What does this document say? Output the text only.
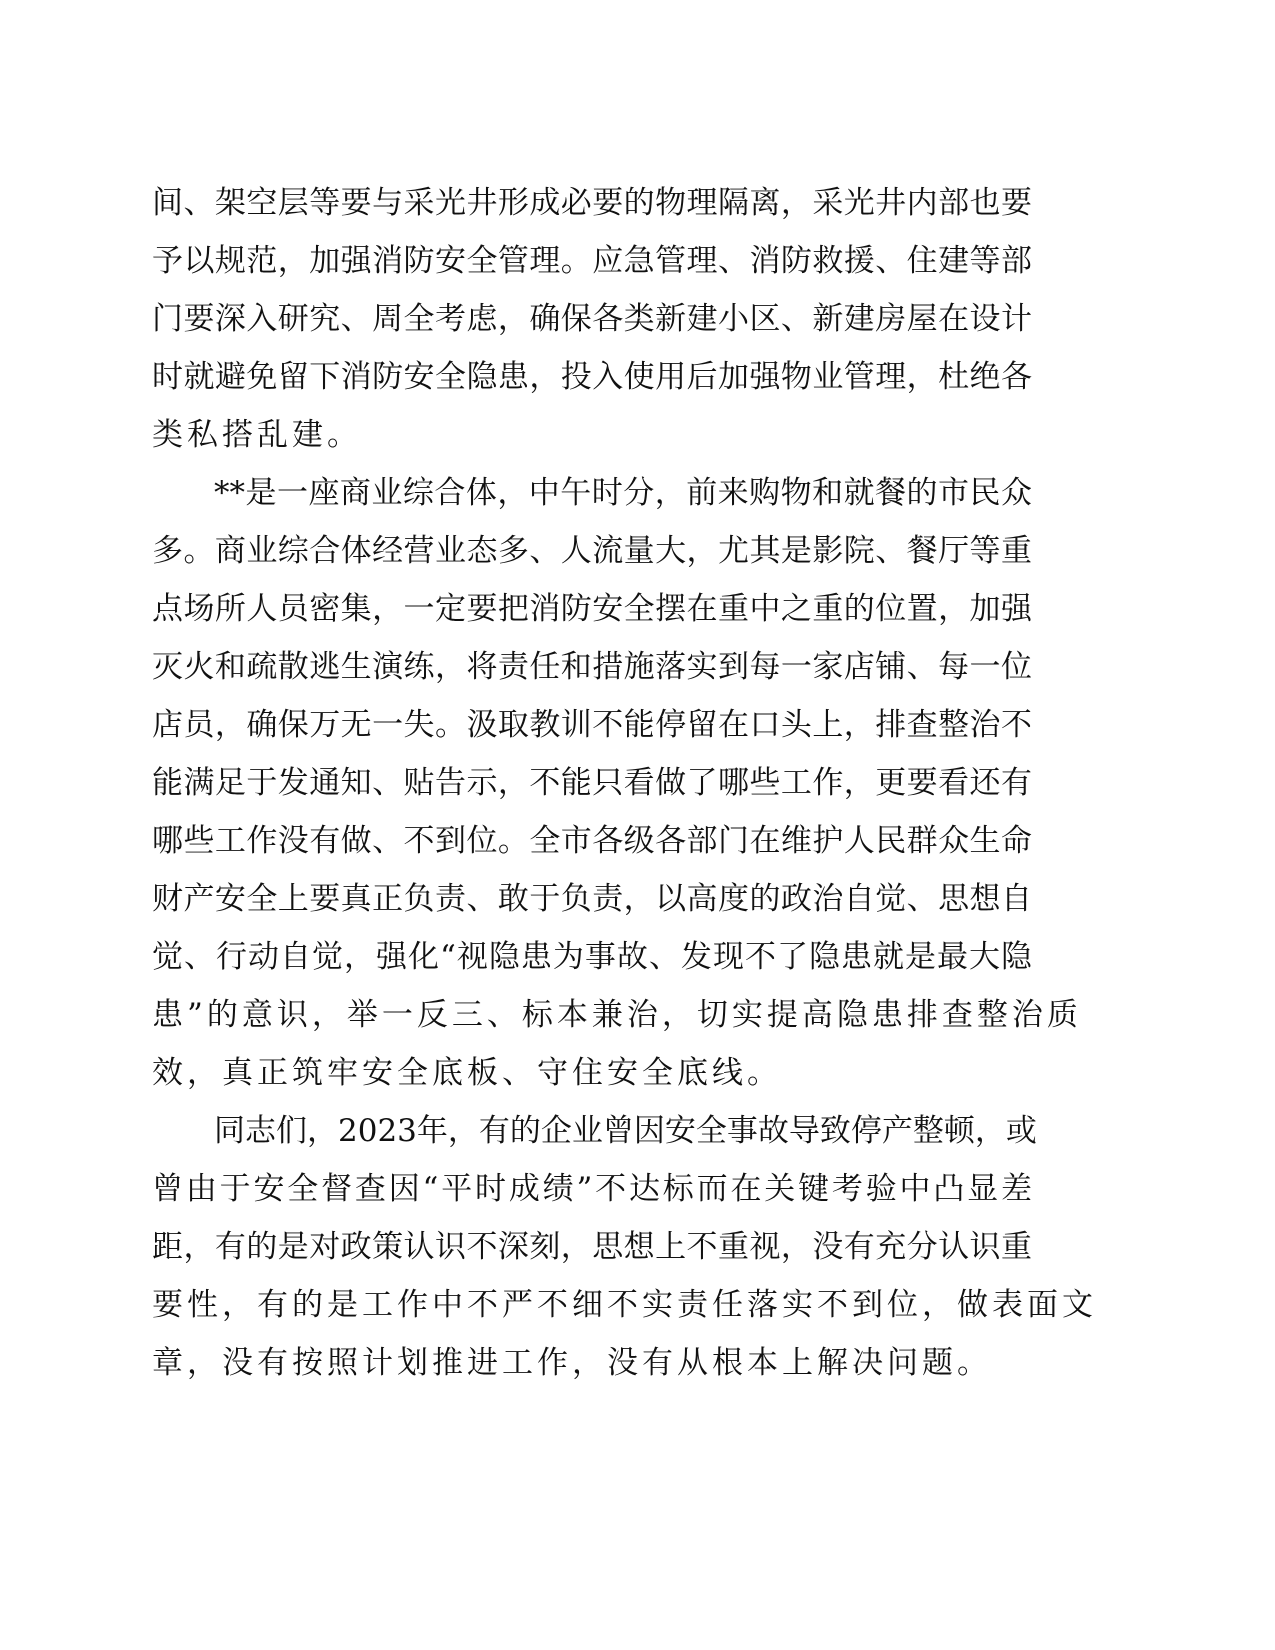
间、架空层等要与采光井形成必要的物理隔离，采光井内部也要
予以规范，加强消防安全管理。应急管理、消防救援、住建等部
门要深入研究、周全考虑，确保各类新建小区、新建房屋在设计
时就避免留下消防安全隐患，投入使用后加强物业管理，杜绝各
类私搭乱建。
**是一座商业综合体，中午时分，前来购物和就餐的市民众
多。商业综合体经营业态多、人流量大，尤其是影院、餐厅等重
点场所人员密集，一定要把消防安全摆在重中之重的位置，加强
灭火和疏散逃生演练，将责任和措施落实到每一家店铺、每一位
店员，确保万无一失。汲取教训不能停留在口头上，排查整治不
能满足于发通知、贴告示，不能只看做了哪些工作，更要看还有
哪些工作没有做、不到位。全市各级各部门在维护人民群众生命
财产安全上要真正负责、敢于负责，以高度的政治自觉、思想自
觉、行动自觉，强化“视隐患为事故、发现不了隐患就是最大隐
患”的意识，举一反三、标本兼治，切实提高隐患排查整治质
效，真正筑牢安全底板、守住安全底线。
同志们，2023年，有的企业曾因安全事故导致停产整顿，或
曾由于安全督查因“平时成绩”不达标而在关键考验中凸显差
距，有的是对政策认识不深刻，思想上不重视，没有充分认识重
要性，有的是工作中不严不细不实责任落实不到位，做表面文
章，没有按照计划推进工作，没有从根本上解决问题。
